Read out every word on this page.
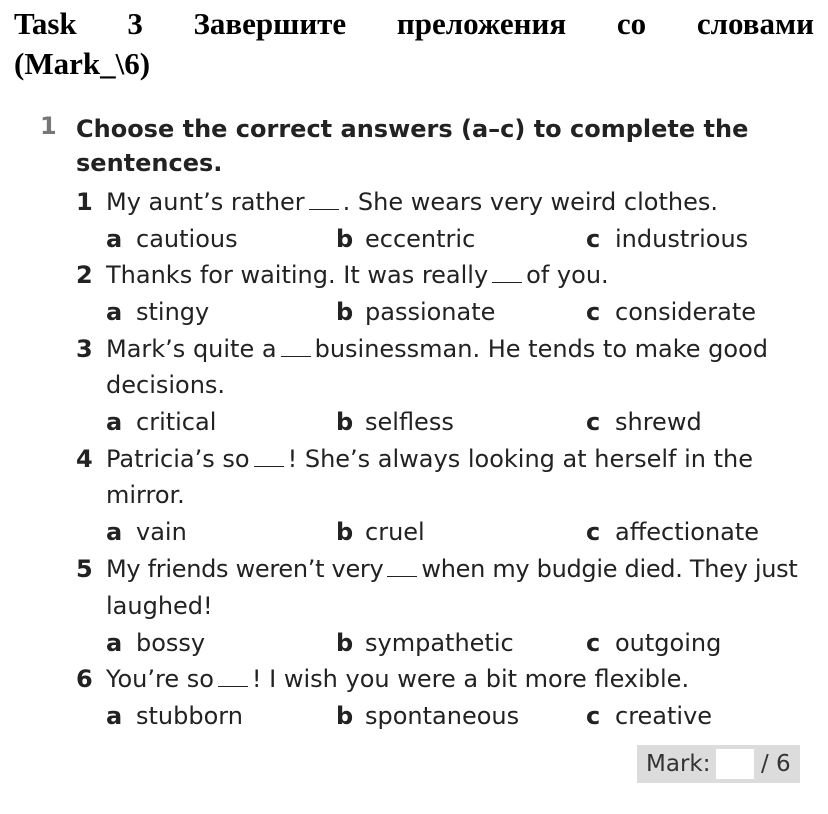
Task 3 Завершите преложения со словами
(Mark_\6)
1 Choose the correct answers (a–c) to complete the sentences.
1 My aunt’s rather . She wears very weird clothes.
a cautious	b eccentric	c industrious
2 Thanks for waiting. It was really of you.
a stingy	b passionate	c considerate
3 Mark’s quite a businessman. He tends to make good
decisions.
a critical	b selfless	c shrewd
4 Patricia’s so ! She’s always looking at herself in the
mirror.
a vain	b cruel	c affectionate
5 My friends weren’t very when my budgie died. They just
laughed!
a bossy	b sympathetic	c outgoing
6 You’re so ! I wish you were a bit more flexible.
a stubborn	b spontaneous	c creative
Mark: / 6
